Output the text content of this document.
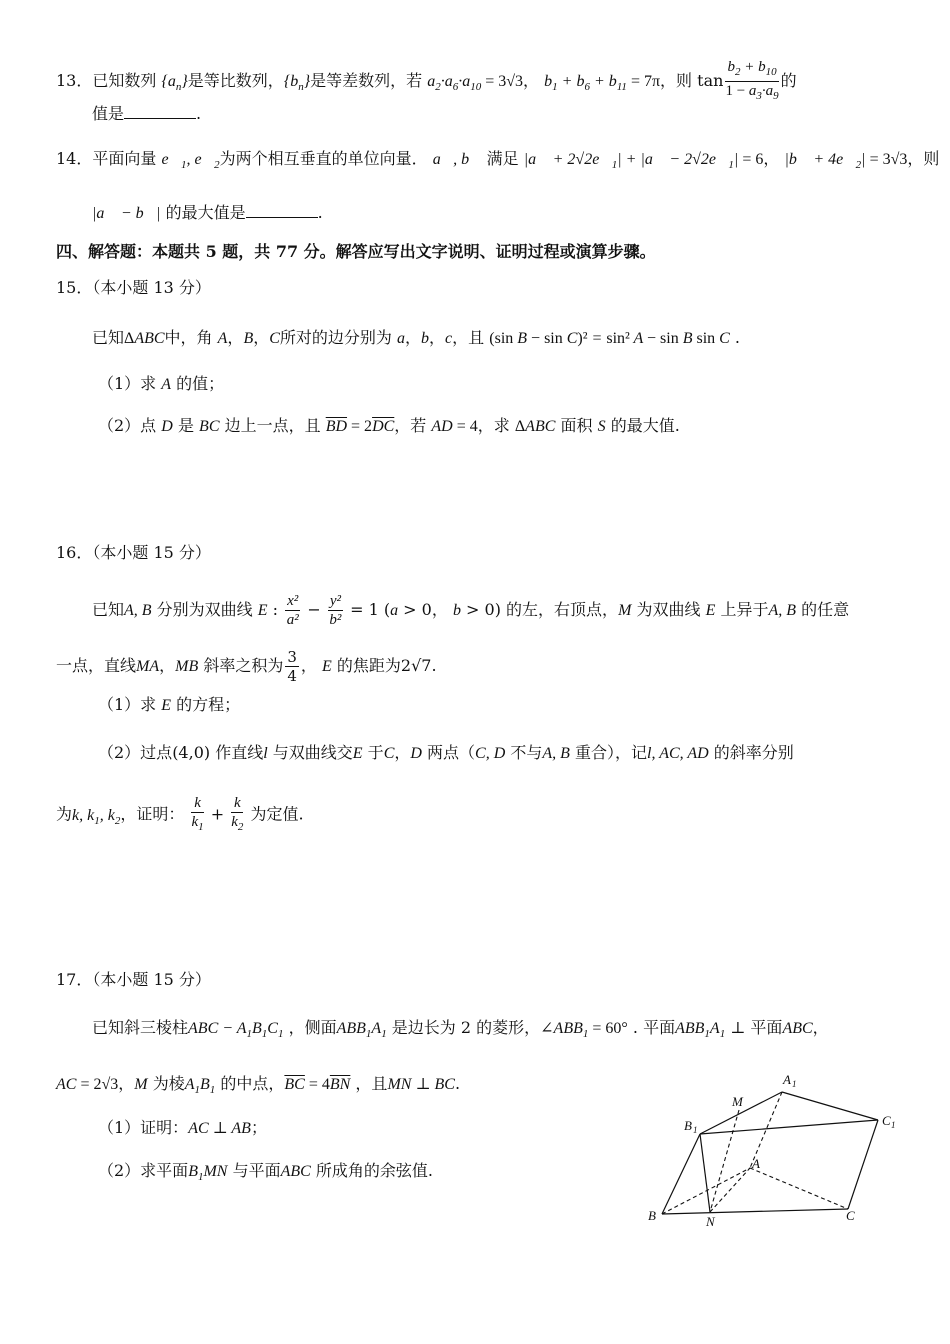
13．已知数列 $\{a_n\}$是等比数列，$\{b_n\}$是等差数列，若 $a_2\cdot a_6\cdot a_{10} = 3√3$， $b_1 + b_6 + b_{11} = 7\pi$，则 $\tan \frac{b_2 + b_{10}}{1 - a_3\cdot a_9}$ 的
值是	.
14．平面向量 $e⃗_1$, $e⃗_2$为两个相互垂直的单位向量． a⃗, b⃗ 满足 |a⃗ + $2√2e⃗_1|$ + |a⃗ − $2√2e⃗_1| = 6$， |b⃗ + $4e⃗_2| = 3√3$，则
|a⃗ − b⃗| 的最大值是	.
四、解答题：本题共 5 题，共 77 分。解答应写出文字说明、证明过程或演算步骤。
15．（本小题 13 分）
已知ΔABC中，角 A，B，C所对的边分别为 a，b，c，且 (sin B − sin C)² = sin² A − sin B sin C .
（1）求 A 的值；
（2）点 D 是 BC 边上一点，且 $\overline{BD} = 2\overline{DC}$，若 AD = 4，求 ΔABC 面积 S 的最大值.
16．（本小题 15 分）
已知A, B 分别为双曲线 E : $\frac{\text{x²}}{\text{a²}} - \frac{\text{y²}}{\text{b²}} = 1$ (a > 0， b > 0) 的左，右顶点，M 为双曲线 E 上异于A, B 的任意
一点，直线MA，MB 斜率之积为 $\frac{3}{4}$ ， E 的焦距为2√7.
（1）求 E 的方程；
（2）过点(4,0) 作直线l 与双曲线交E 于C，D 两点（C, D 不与A, B 重合），记l, AC, AD 的斜率分别
为k, $k_1$, $k_2$，证明： $\frac{k}{k_1} + \frac{k}{k_2}$ 为定值.
17．（本小题 15 分）
已知斜三棱柱ABC − $A_1B_1C_1$ ，侧面$ABB_1A_1$ 是边长为 2 的菱形，$\angle ABB_1 = 60^\circ$ . 平面$ABB_1A_1$ ⊥ 平面ABC，
AC = 2√3，M 为棱$A_1B_1$ 的中点，$\overline{BC} = 4\overline{BN}$ ，且MN ⊥ BC.
（1）证明：AC ⊥ AB；
（2）求平面$B_1MN$ 与平面ABC 所成角的余弦值.
A 1
M
B 1
C 1
A
B	N	C
